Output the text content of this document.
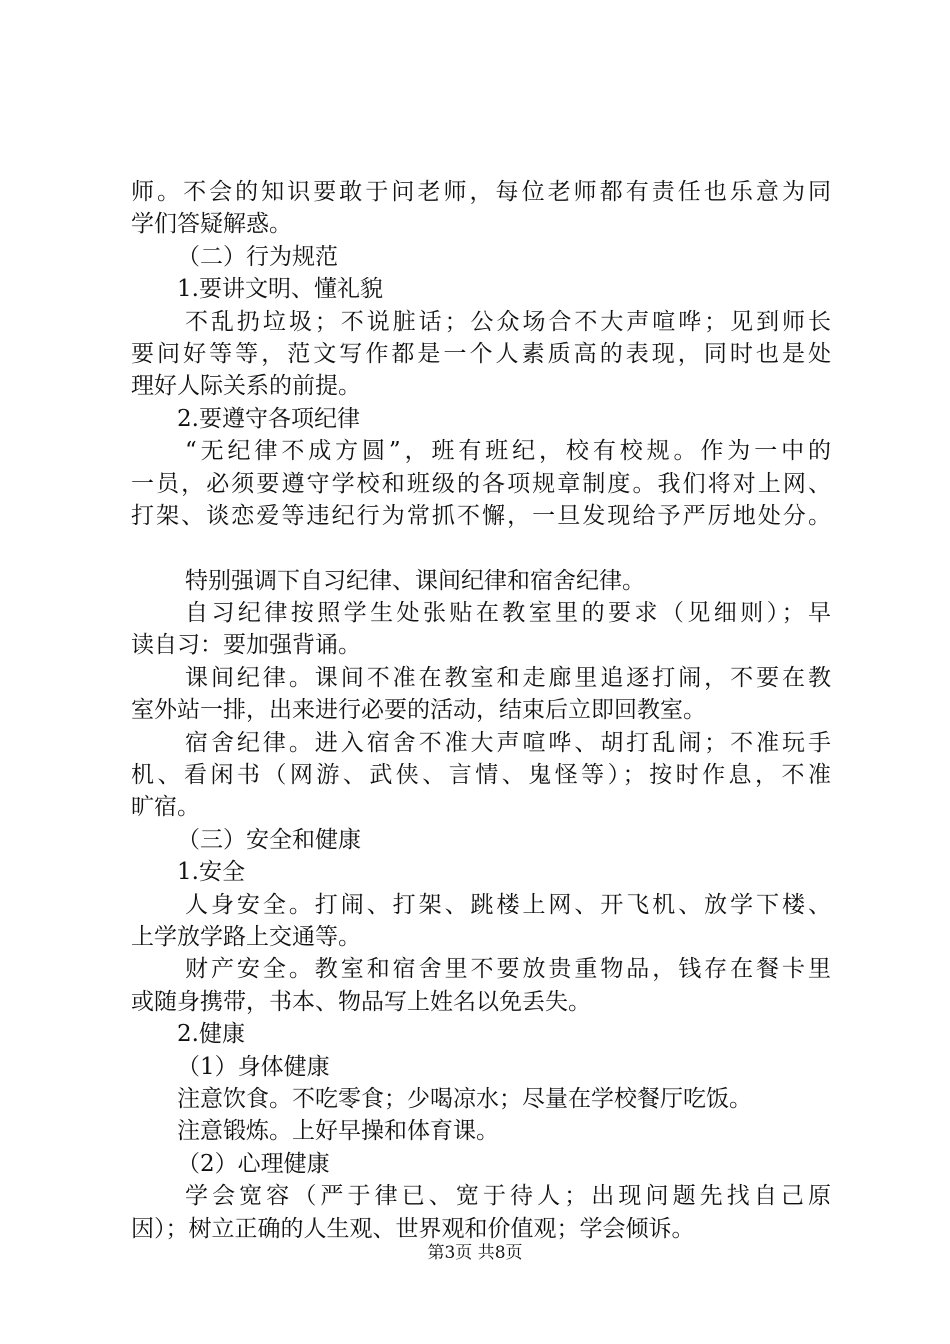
师。不会的知识要敢于问老师，每位老师都有责任也乐意为同
学们答疑解惑。
（二）行为规范
1.要讲文明、懂礼貌
不乱扔垃圾；不说脏话；公众场合不大声喧哗；见到师长
要问好等等，范文写作都是一个人素质高的表现，同时也是处
理好人际关系的前提。
2.要遵守各项纪律
“无纪律不成方圆”，班有班纪，校有校规。作为一中的
一员，必须要遵守学校和班级的各项规章制度。我们将对上网、
打架、谈恋爱等违纪行为常抓不懈，一旦发现给予严厉地处分。
特别强调下自习纪律、课间纪律和宿舍纪律。
自习纪律按照学生处张贴在教室里的要求（见细则）；早
读自习：要加强背诵。
课间纪律。课间不准在教室和走廊里追逐打闹，不要在教
室外站一排，出来进行必要的活动，结束后立即回教室。
宿舍纪律。进入宿舍不准大声喧哗、胡打乱闹；不准玩手
机、看闲书（网游、武侠、言情、鬼怪等）；按时作息，不准
旷宿。
（三）安全和健康
1.安全
人身安全。打闹、打架、跳楼上网、开飞机、放学下楼、
上学放学路上交通等。
财产安全。教室和宿舍里不要放贵重物品，钱存在餐卡里
或随身携带，书本、物品写上姓名以免丢失。
2.健康
（1）身体健康
注意饮食。不吃零食；少喝凉水；尽量在学校餐厅吃饭。
注意锻炼。上好早操和体育课。
（2）心理健康
学会宽容（严于律已、宽于待人；出现问题先找自己原
因）；树立正确的人生观、世界观和价值观；学会倾诉。
第3页 共8页
